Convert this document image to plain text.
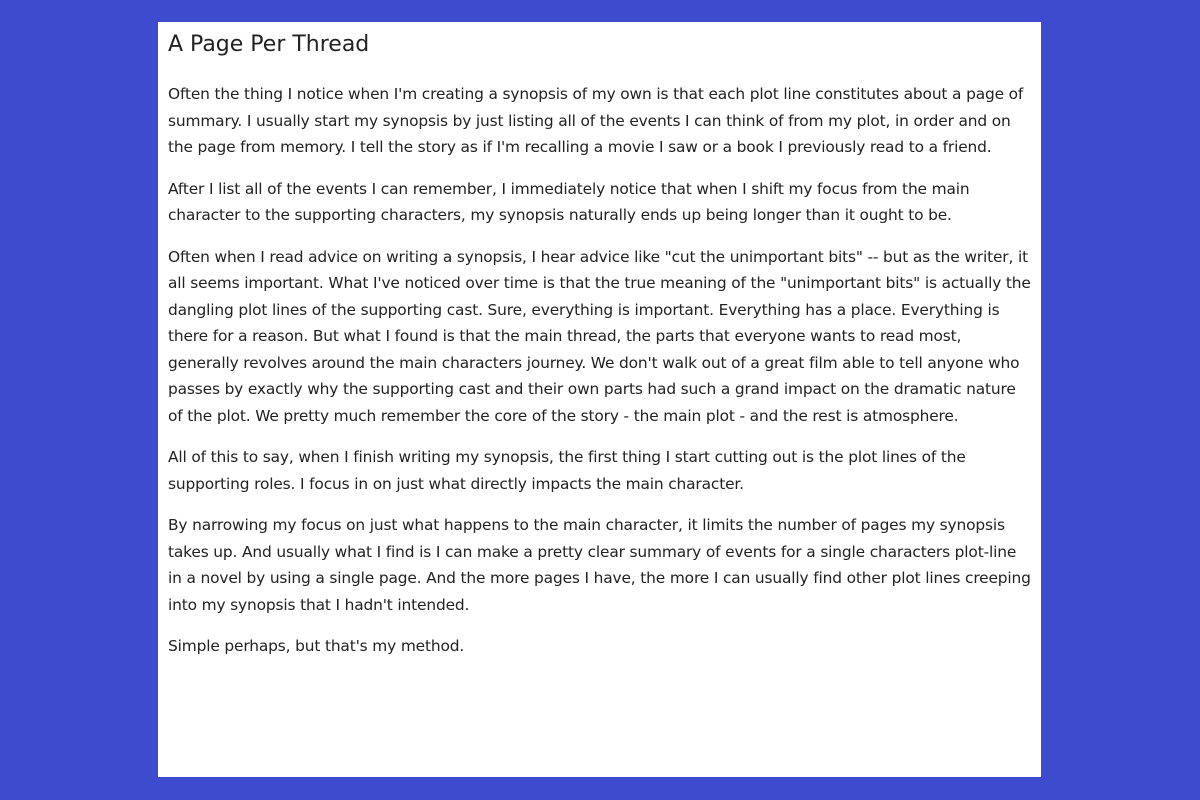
A Page Per Thread

Often the thing I notice when I'm creating a synopsis of my own is that each plot line constitutes about a page of summary. I usually start my synopsis by just listing all of the events I can think of from my plot, in order and on the page from memory. I tell the story as if I'm recalling a movie I saw or a book I previously read to a friend.

After I list all of the events I can remember, I immediately notice that when I shift my focus from the main character to the supporting characters, my synopsis naturally ends up being longer than it ought to be.

Often when I read advice on writing a synopsis, I hear advice like "cut the unimportant bits" -- but as the writer, it all seems important. What I've noticed over time is that the true meaning of the "unimportant bits" is actually the dangling plot lines of the supporting cast. Sure, everything is important. Everything has a place. Everything is there for a reason. But what I found is that the main thread, the parts that everyone wants to read most, generally revolves around the main characters journey. We don't walk out of a great film able to tell anyone who passes by exactly why the supporting cast and their own parts had such a grand impact on the dramatic nature of the plot. We pretty much remember the core of the story - the main plot - and the rest is atmosphere.

All of this to say, when I finish writing my synopsis, the first thing I start cutting out is the plot lines of the supporting roles. I focus in on just what directly impacts the main character.

By narrowing my focus on just what happens to the main character, it limits the number of pages my synopsis takes up. And usually what I find is I can make a pretty clear summary of events for a single characters plot-line in a novel by using a single page. And the more pages I have, the more I can usually find other plot lines creeping into my synopsis that I hadn't intended.

Simple perhaps, but that's my method.
